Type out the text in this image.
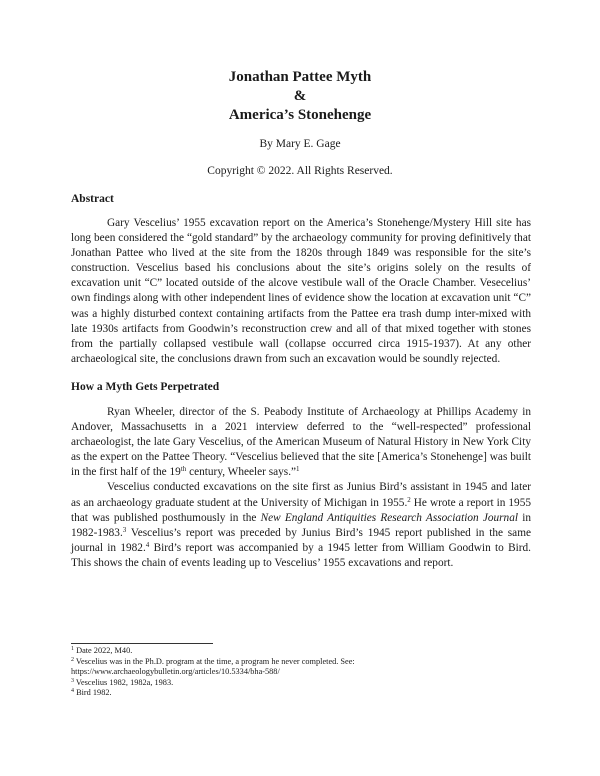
Jonathan Pattee Myth
&
America’s Stonehenge
By Mary E. Gage
Copyright © 2022. All Rights Reserved.
Abstract

Gary Vescelius’ 1955 excavation report on the America’s Stonehenge/Mystery Hill site has long been considered the “gold standard” by the archaeology community for proving definitively that Jonathan Pattee who lived at the site from the 1820s through 1849 was responsible for the site’s construction. Vescelius based his conclusions about the site’s origins solely on the results of excavation unit “C” located outside of the alcove vestibule wall of the Oracle Chamber. Vesecelius’ own findings along with other independent lines of evidence show the location at excavation unit “C” was a highly disturbed context containing artifacts from the Pattee era trash dump inter-mixed with late 1930s artifacts from Goodwin’s reconstruction crew and all of that mixed together with stones from the partially collapsed vestibule wall (collapse occurred circa 1915-1937). At any other archaeological site, the conclusions drawn from such an excavation would be soundly rejected.

How a Myth Gets Perpetrated

Ryan Wheeler, director of the S. Peabody Institute of Archaeology at Phillips Academy in Andover, Massachusetts in a 2021 interview deferred to the “well-respected” professional archaeologist, the late Gary Vescelius, of the American Museum of Natural History in New York City as the expert on the Pattee Theory. “Vescelius believed that the site [America’s Stonehenge] was built in the first half of the 19th century, Wheeler says.”$^1$

Vescelius conducted excavations on the site first as Junius Bird’s assistant in 1945 and later as an archaeology graduate student at the University of Michigan in 1955.$^2$ He wrote a report in 1955 that was published posthumously in the New England Antiquities Research Association Journal in 1982-1983.$^3$ Vescelius’s report was preceded by Junius Bird’s 1945 report published in the same journal in 1982.$^4$ Bird’s report was accompanied by a 1945 letter from William Goodwin to Bird. This shows the chain of events leading up to Vescelius’ 1955 excavations and report.

$^1$ Date 2022, M40.
$^2$ Vescelius was in the Ph.D. program at the time, a program he never completed. See:
https://www.archaeologybulletin.org/articles/10.5334/bha-588/
$^3$ Vescelius 1982, 1982a, 1983.
$^4$ Bird 1982.
